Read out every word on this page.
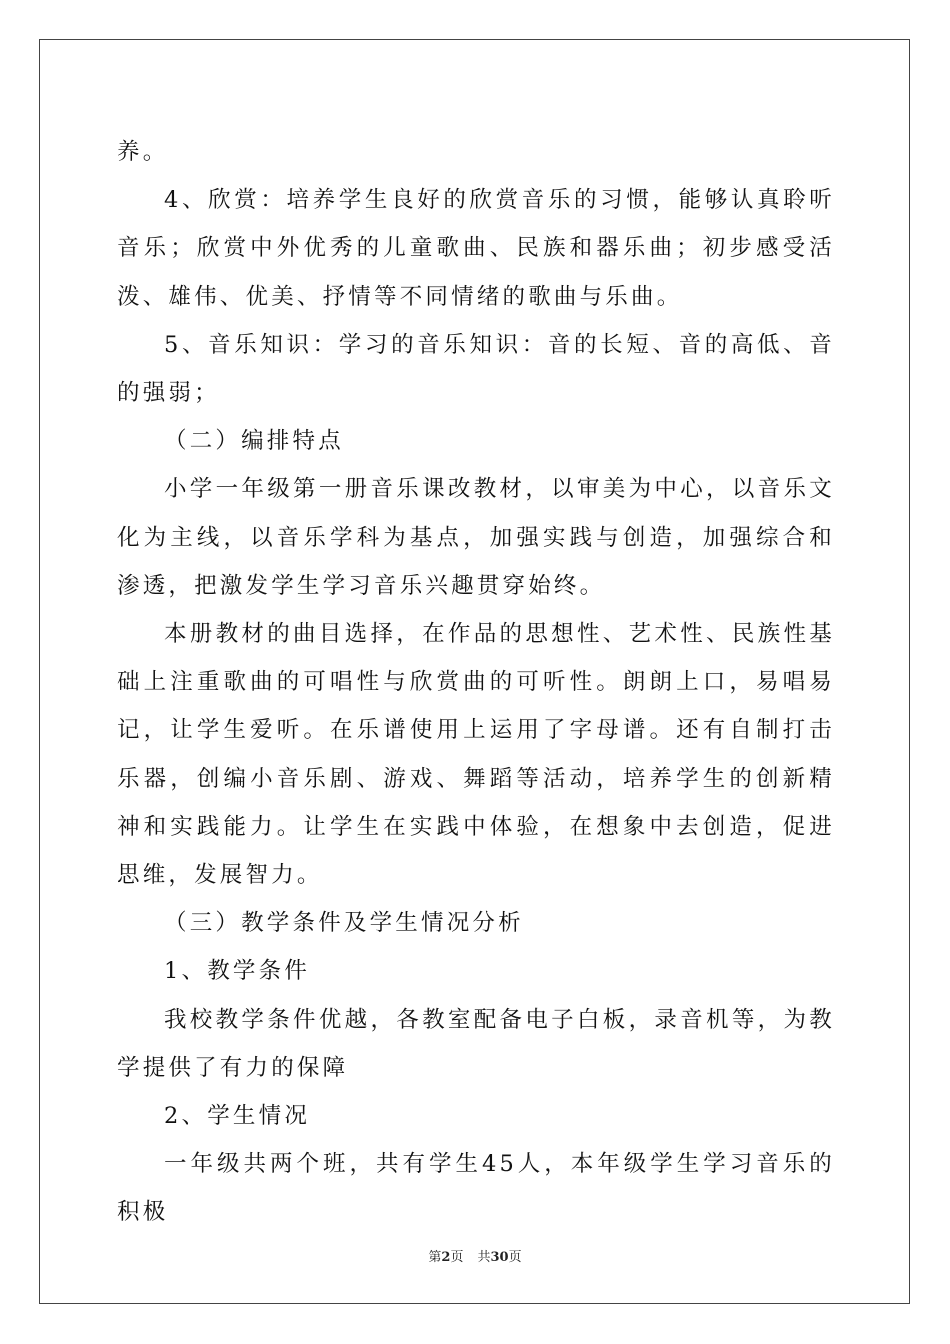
养。

4、欣赏：培养学生良好的欣赏音乐的习惯，能够认真聆听音乐；欣赏中外优秀的儿童歌曲、民族和器乐曲；初步感受活泼、雄伟、优美、抒情等不同情绪的歌曲与乐曲。

5、音乐知识：学习的音乐知识：音的长短、音的高低、音的强弱；

（二）编排特点

小学一年级第一册音乐课改教材，以审美为中心，以音乐文化为主线，以音乐学科为基点，加强实践与创造，加强综合和渗透，把激发学生学习音乐兴趣贯穿始终。

本册教材的曲目选择，在作品的思想性、艺术性、民族性基础上注重歌曲的可唱性与欣赏曲的可听性。朗朗上口，易唱易记，让学生爱听。在乐谱使用上运用了字母谱。还有自制打击乐器，创编小音乐剧、游戏、舞蹈等活动，培养学生的创新精神和实践能力。让学生在实践中体验，在想象中去创造，促进思维，发展智力。

（三）教学条件及学生情况分析

1、教学条件

我校教学条件优越，各教室配备电子白板，录音机等，为教学提供了有力的保障

2、学生情况

一年级共两个班，共有学生45人，本年级学生学习音乐的积极

第2页 共30页
